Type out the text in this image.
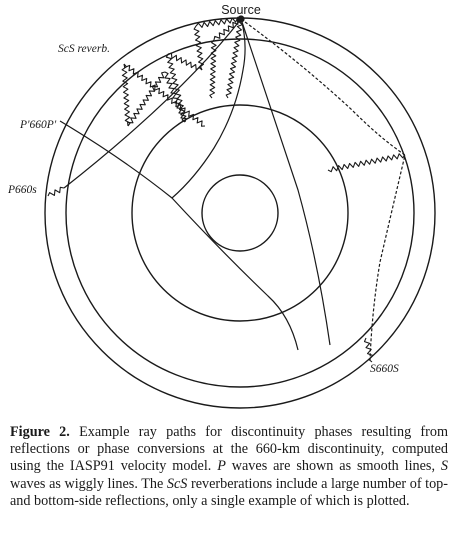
Source
ScS reverb.
P'660P'
P660s
S660S
Figure 2. Example ray paths for discontinuity phases resulting from reflections or phase conversions at the 660-km discontinuity, computed using the IASP91 velocity model. P waves are shown as smooth lines, S waves as wiggly lines. The ScS reverberations include a large number of top- and bottom-side reflections, only a single example of which is plotted.
